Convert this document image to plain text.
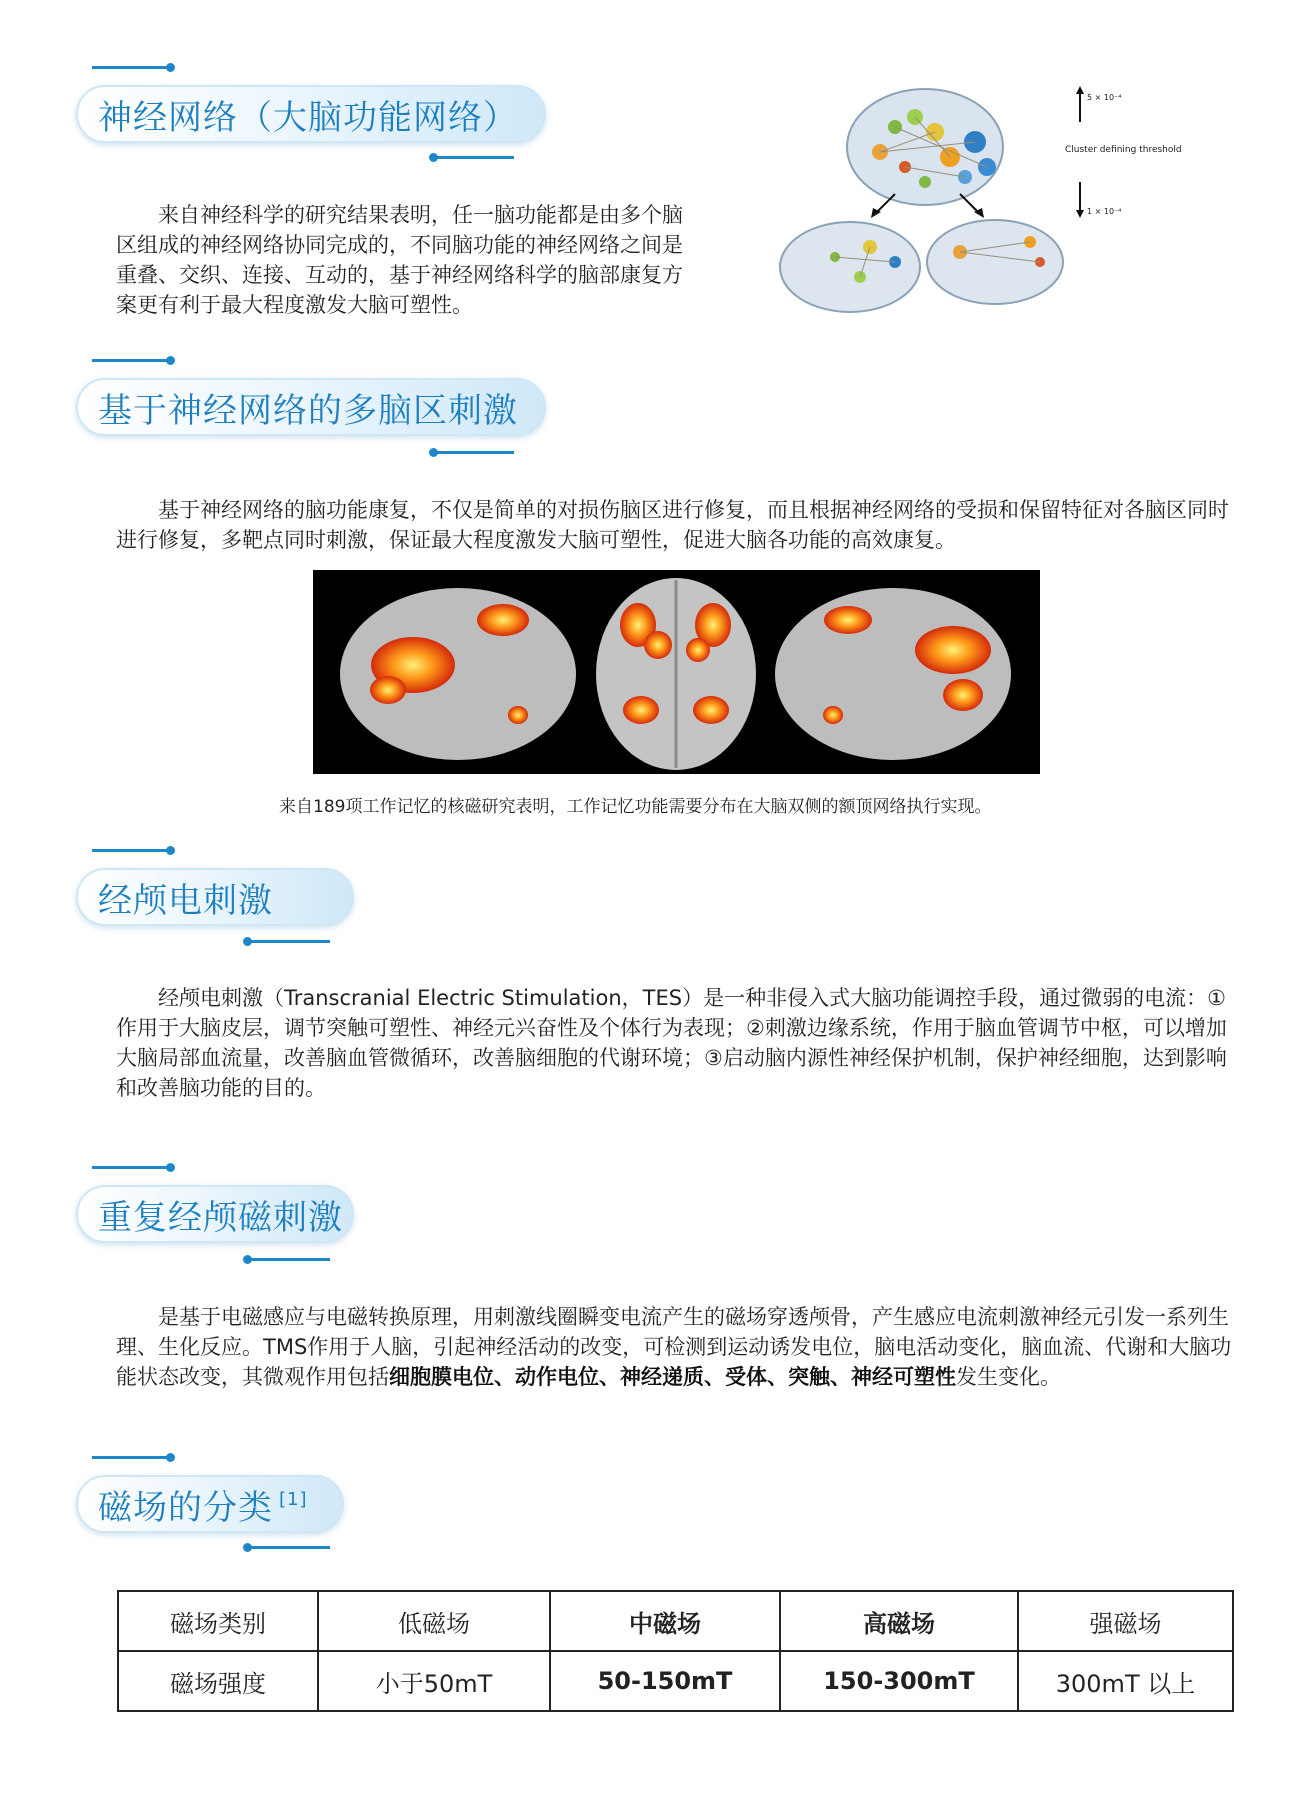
神经网络（大脑功能网络）

来自神经科学的研究结果表明，任一脑功能都是由多个脑区组成的神经网络协同完成的，不同脑功能的神经网络之间是重叠、交织、连接、互动的，基于神经网络科学的脑部康复方案更有利于最大程度激发大脑可塑性。

5 × 10⁻⁴
Cluster defining threshold
1 × 10⁻⁴
基于神经网络的多脑区刺激

基于神经网络的脑功能康复，不仅是简单的对损伤脑区进行修复，而且根据神经网络的受损和保留特征对各脑区同时进行修复，多靶点同时刺激，保证最大程度激发大脑可塑性，促进大脑各功能的高效康复。

来自189项工作记忆的核磁研究表明，工作记忆功能需要分布在大脑双侧的额顶网络执行实现。
经颅电刺激

经颅电刺激（Transcranial Electric Stimulation，TES）是一种非侵入式大脑功能调控手段，通过微弱的电流：①作用于大脑皮层，调节突触可塑性、神经元兴奋性及个体行为表现；②刺激边缘系统，作用于脑血管调节中枢，可以增加大脑局部血流量，改善脑血管微循环，改善脑细胞的代谢环境；③启动脑内源性神经保护机制，保护神经细胞，达到影响和改善脑功能的目的。

重复经颅磁刺激

是基于电磁感应与电磁转换原理，用刺激线圈瞬变电流产生的磁场穿透颅骨，产生感应电流刺激神经元引发一系列生理、生化反应。TMS作用于人脑，引起神经活动的改变，可检测到运动诱发电位，脑电活动变化，脑血流、代谢和大脑功能状态改变，其微观作用包括细胞膜电位、动作电位、神经递质、受体、突触、神经可塑性发生变化。

磁场的分类 [1]
磁场类别	低磁场	中磁场	高磁场	强磁场
磁场强度	小于50mT	50-150mT	150-300mT	300mT 以上
